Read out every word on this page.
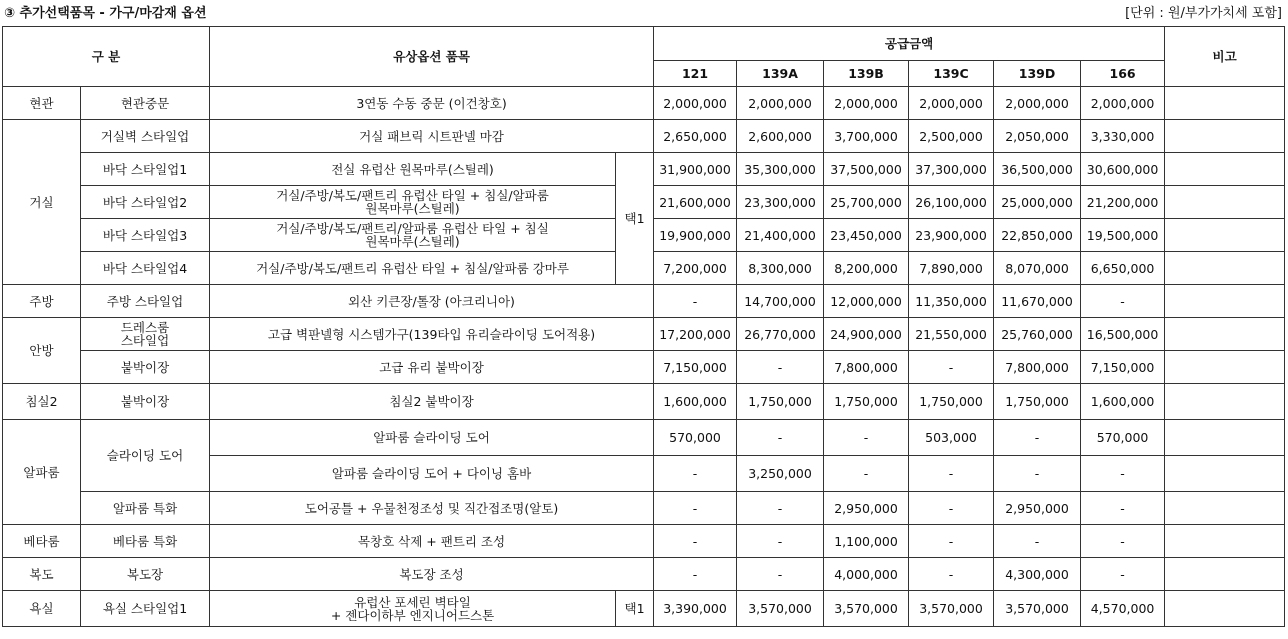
③ 추가선택품목 - 가구/마감재 옵션	[단위 : 원/부가가치세 포함]
구 분		유상옵션 품목		공급금액						비고
				121	139A	139B	139C	139D	166	
현관	현관중문	3연동 수동 중문 (이건창호)		2,000,000	2,000,000	2,000,000	2,000,000	2,000,000	2,000,000	
거실	거실벽 스타일업	거실 패브릭 시트판넬 마감		2,650,000	2,600,000	3,700,000	2,500,000	2,050,000	3,330,000	
	바닥 스타일업1	전실 유럽산 원목마루(스틸레)	택1	31,900,000	35,300,000	37,500,000	37,300,000	36,500,000	30,600,000	
	바닥 스타일업2	거실/주방/복도/팬트리 유럽산 타일 + 침실/알파룸
원목마루(스틸레)		21,600,000	23,300,000	25,700,000	26,100,000	25,000,000	21,200,000	
	바닥 스타일업3	거실/주방/복도/팬트리/알파룸 유럽산 타일 + 침실
원목마루(스틸레)		19,900,000	21,400,000	23,450,000	23,900,000	22,850,000	19,500,000	
	바닥 스타일업4	거실/주방/복도/팬트리 유럽산 타일 + 침실/알파룸 강마루		7,200,000	8,300,000	8,200,000	7,890,000	8,070,000	6,650,000	
주방	주방 스타일업	외산 키큰장/톨장 (아크리니아)		-	14,700,000	12,000,000	11,350,000	11,670,000	-	
안방	드레스룸
스타일업	고급 벽판넬형 시스템가구(139타입 유리슬라이딩 도어적용)		17,200,000	26,770,000	24,900,000	21,550,000	25,760,000	16,500,000	
	붙박이장	고급 유리 붙박이장		7,150,000	-	7,800,000	-	7,800,000	7,150,000	
침실2	붙박이장	침실2 붙박이장		1,600,000	1,750,000	1,750,000	1,750,000	1,750,000	1,600,000	
알파룸	슬라이딩 도어	알파룸 슬라이딩 도어		570,000	-	-	503,000	-	570,000	
		알파룸 슬라이딩 도어 + 다이닝 홈바		-	3,250,000	-	-	-	-	
	알파룸 특화	도어공틀 + 우물천정조성 및 직간접조명(알토)		-	-	2,950,000	-	2,950,000	-	
베타룸	베타룸 특화	목창호 삭제 + 팬트리 조성		-	-	1,100,000	-	-	-	
복도	복도장	복도장 조성		-	-	4,000,000	-	4,300,000	-	
욕실	욕실 스타일업1	유럽산 포세린 벽타일
+ 젠다이하부 엔지니어드스톤	택1	3,390,000	3,570,000	3,570,000	3,570,000	3,570,000	4,570,000	
